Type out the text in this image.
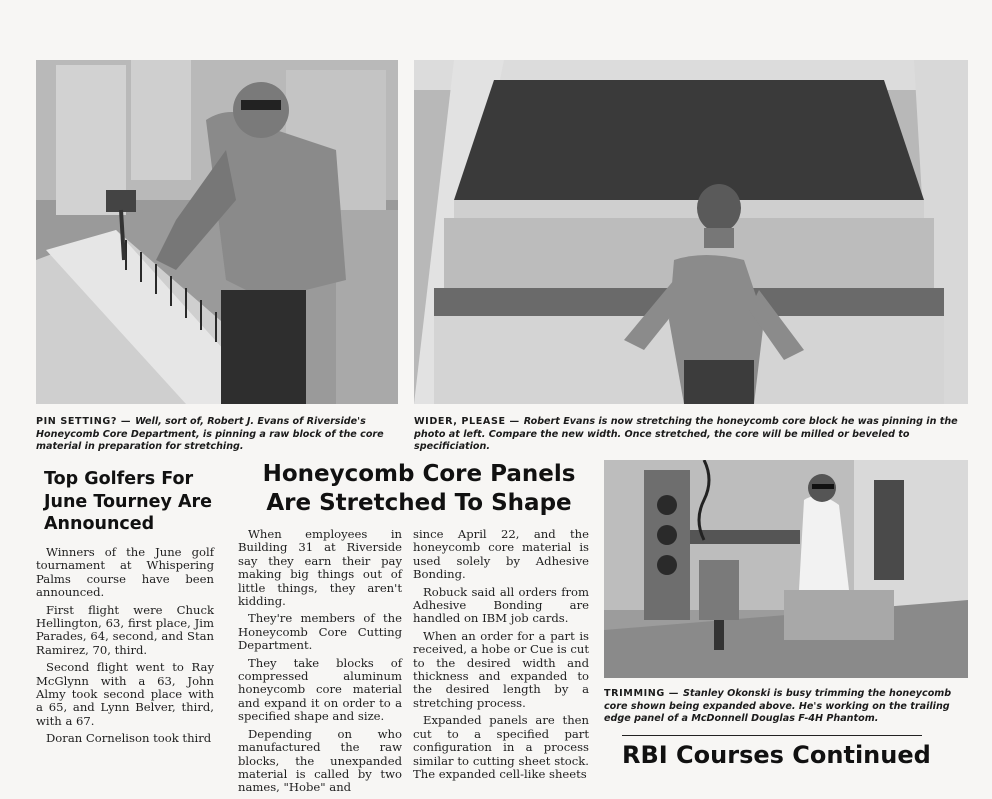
PIN SETTING? — Well, sort of, Robert J. Evans of Riverside's Honeycomb Core Department, is pinning a raw block of the core material in preparation for stretching.

WIDER, PLEASE — Robert Evans is now stretching the honeycomb core block he was pinning in the photo at left. Compare the new width. Once stretched, the core will be milled or beveled to specificiation.

Top Golfers For June Tourney Are Announced

Winners of the June golf tournament at Whispering Palms course have been announced.

First flight were Chuck Hellington, 63, first place, Jim Parades, 64, second, and Stan Ramirez, 70, third.

Second flight went to Ray McGlynn with a 63, John Almy took second place with a 65, and Lynn Belver, third, with a 67.

Doran Cornelison took third

Honeycomb Core Panels
Are Stretched To Shape

When employees in Building 31 at Riverside say they earn their pay making big things out of little things, they aren't kidding.

They're members of the Honeycomb Core Cutting Department.

They take blocks of compressed aluminum honeycomb core material and expand it on order to a specified shape and size.

Depending on who manufactured the raw blocks, the unexpanded material is called by two names, "Hobe" and

since April 22, and the honeycomb core material is used solely by Adhesive Bonding.

Robuck said all orders from Adhesive Bonding are handled on IBM job cards.

When an order for a part is received, a hobe or Cue is cut to the desired width and thickness and expanded to the desired length by a stretching process.

Expanded panels are then cut to a specified part configuration in a process similar to cutting sheet stock. The expanded cell-like sheets

TRIMMING — Stanley Okonski is busy trimming the honeycomb core shown being expanded above. He's working on the trailing edge panel of a McDonnell Douglas F-4H Phantom.

RBI Courses Continued
